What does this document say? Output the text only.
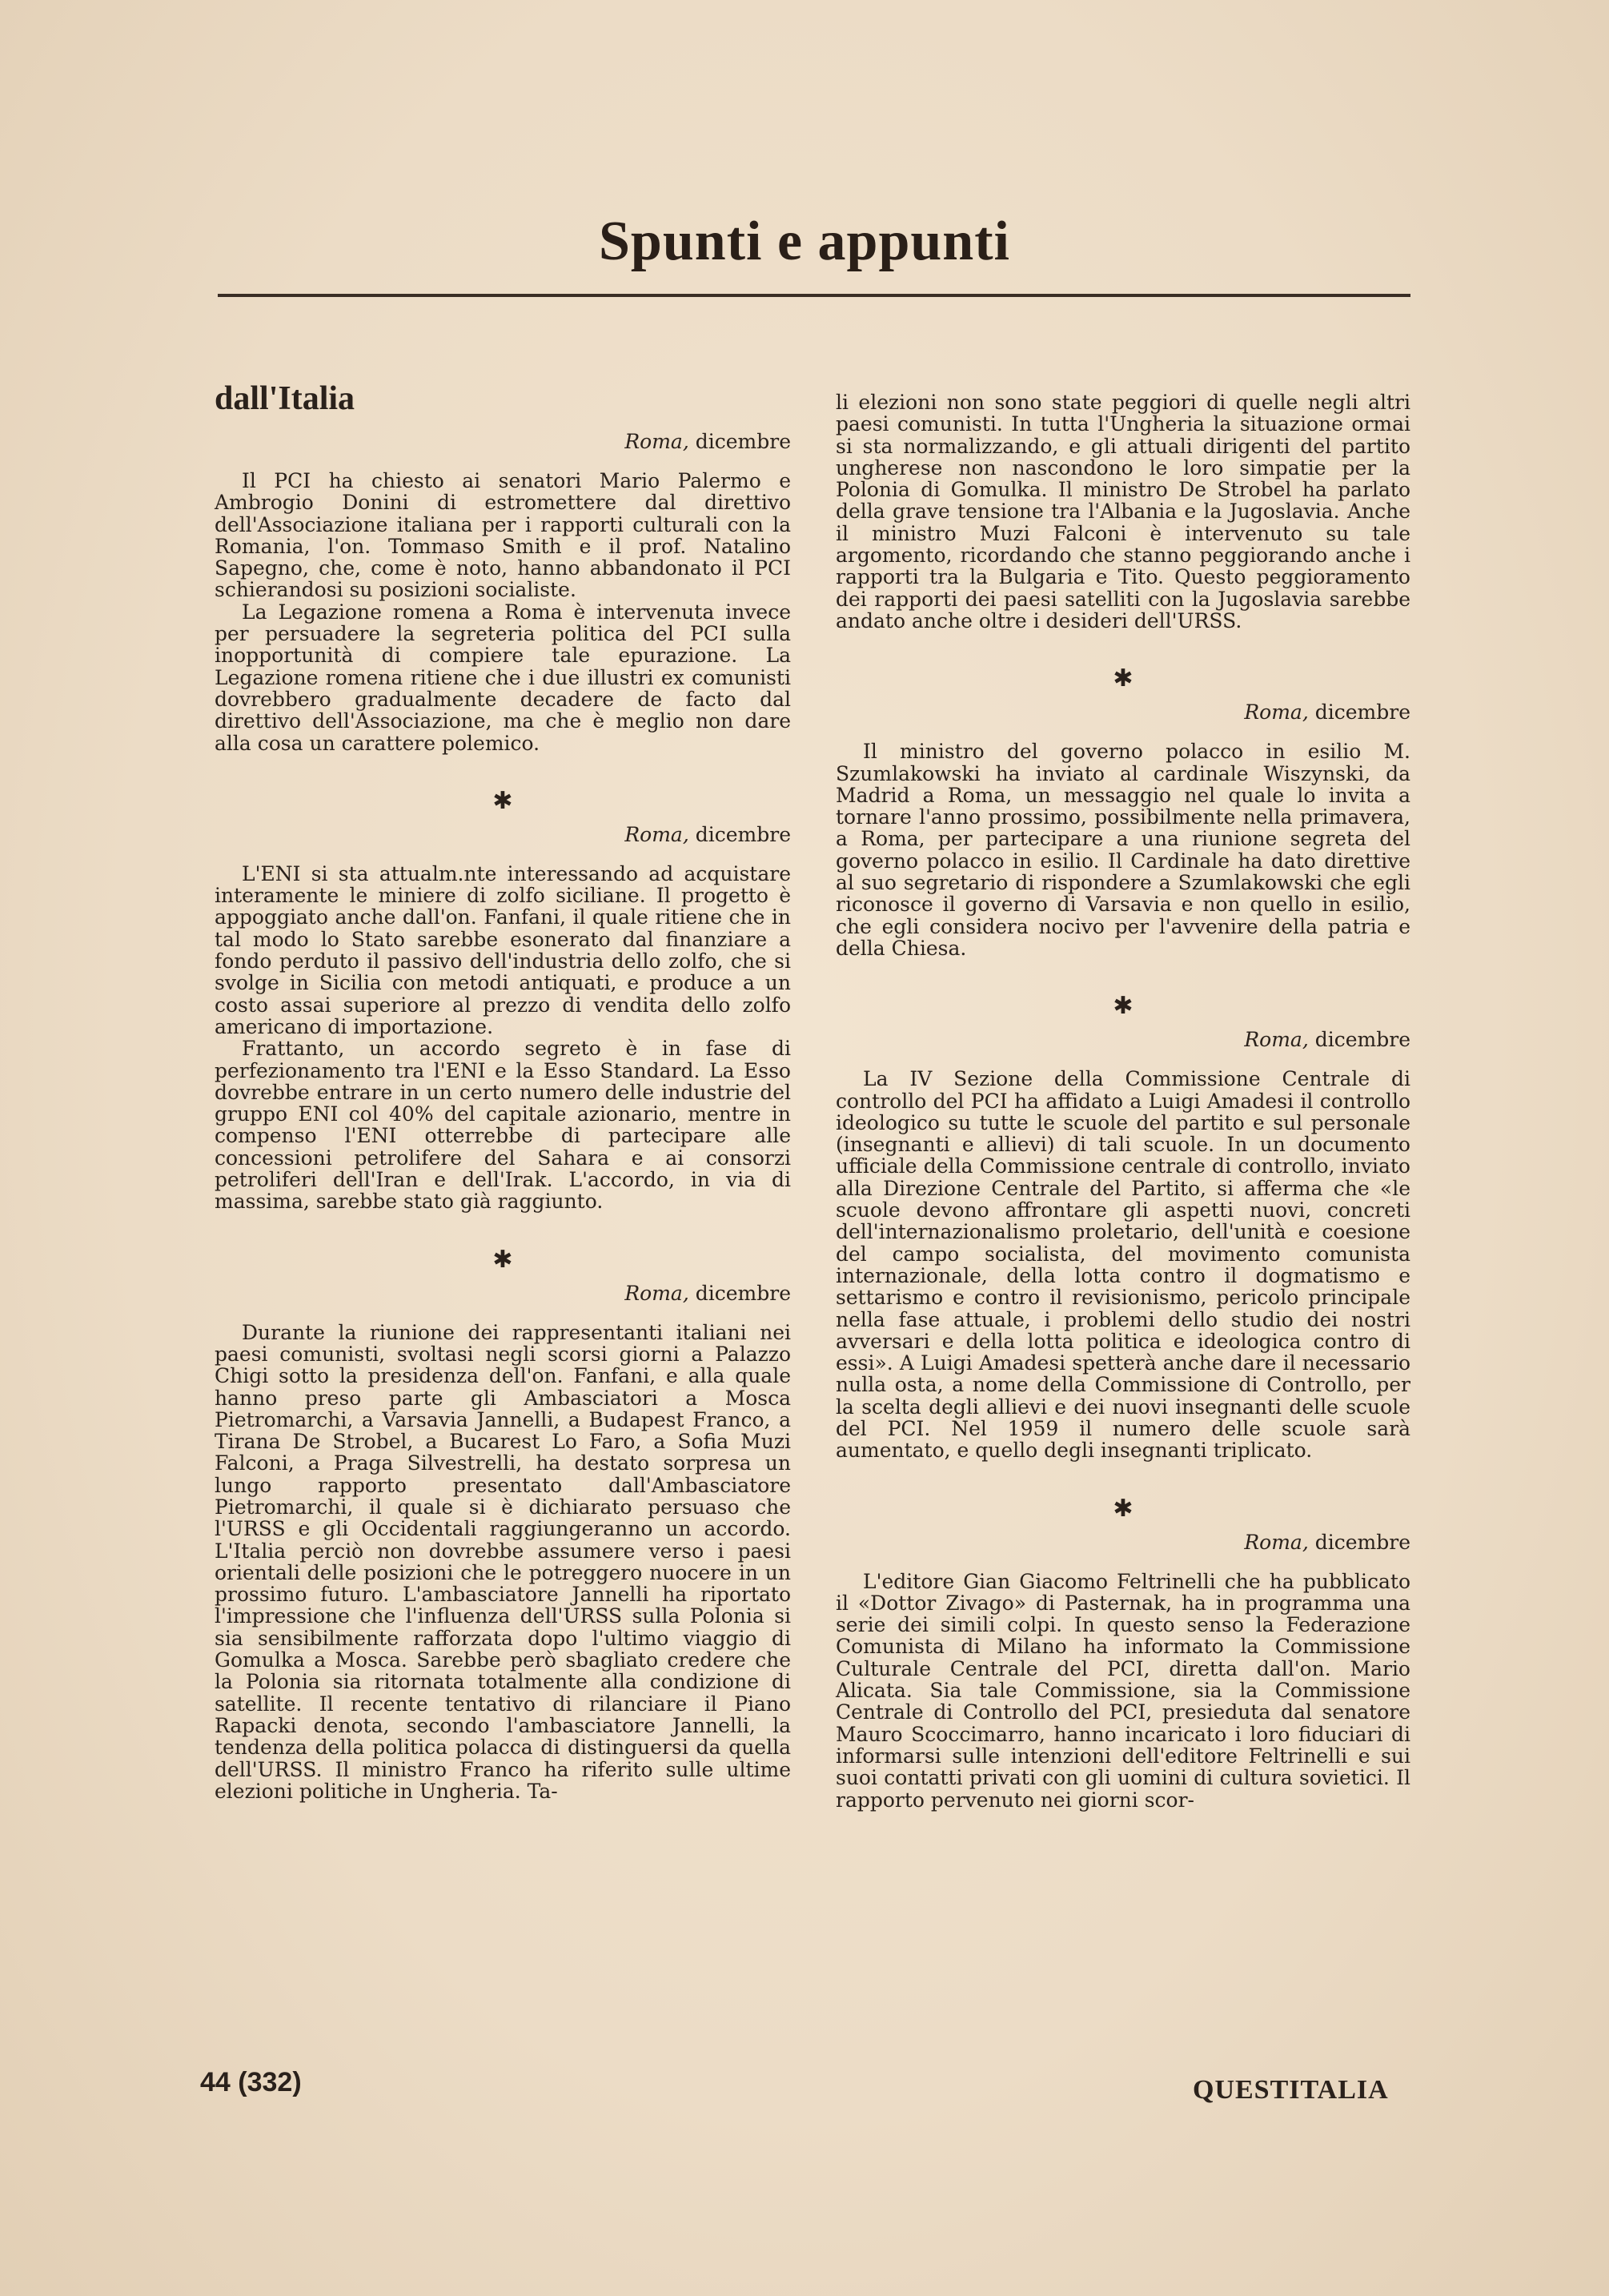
Spunti e appunti
dall'Italia
Roma, dicembre

Il PCI ha chiesto ai senatori Mario Palermo e Ambrogio Donini di estromettere dal direttivo dell'Associazione italiana per i rapporti culturali con la Romania, l'on. Tommaso Smith e il prof. Natalino Sapegno, che, come è noto, hanno abbandonato il PCI schierandosi su posizioni socialiste.

La Legazione romena a Roma è intervenuta invece per persuadere la segreteria politica del PCI sulla inopportunità di compiere tale epurazione. La Legazione romena ritiene che i due illustri ex comunisti dovrebbero gradualmente decadere de facto dal direttivo dell'Associazione, ma che è meglio non dare alla cosa un carattere polemico.

✱
Roma, dicembre

L'ENI si sta attualm.nte interessando ad acquistare interamente le miniere di zolfo siciliane. Il progetto è appoggiato anche dall'on. Fanfani, il quale ritiene che in tal modo lo Stato sarebbe esonerato dal finanziare a fondo perduto il passivo dell'industria dello zolfo, che si svolge in Sicilia con metodi antiquati, e produce a un costo assai superiore al prezzo di vendita dello zolfo americano di importazione.

Frattanto, un accordo segreto è in fase di perfezionamento tra l'ENI e la Esso Standard. La Esso dovrebbe entrare in un certo numero delle industrie del gruppo ENI col 40% del capitale azionario, mentre in compenso l'ENI otterrebbe di partecipare alle concessioni petrolifere del Sahara e ai consorzi petroliferi dell'Iran e dell'Irak. L'accordo, in via di massima, sarebbe stato già raggiunto.

✱
Roma, dicembre

Durante la riunione dei rappresentanti italiani nei paesi comunisti, svoltasi negli scorsi giorni a Palazzo Chigi sotto la presidenza dell'on. Fanfani, e alla quale hanno preso parte gli Ambasciatori a Mosca Pietromarchi, a Varsavia Jannelli, a Budapest Franco, a Tirana De Strobel, a Bucarest Lo Faro, a Sofia Muzi Falconi, a Praga Silvestrelli, ha destato sorpresa un lungo rapporto presentato dall'Ambasciatore Pietromarchi, il quale si è dichiarato persuaso che l'URSS e gli Occidentali raggiungeranno un accordo. L'Italia perciò non dovrebbe assumere verso i paesi orientali delle posizioni che le potreggero nuocere in un prossimo futuro. L'ambasciatore Jannelli ha riportato l'impressione che l'influenza dell'URSS sulla Polonia si sia sensibilmente rafforzata dopo l'ultimo viaggio di Gomulka a Mosca. Sarebbe però sbagliato credere che la Polonia sia ritornata totalmente alla condizione di satellite. Il recente tentativo di rilanciare il Piano Rapacki denota, secondo l'ambasciatore Jannelli, la tendenza della politica polacca di distinguersi da quella dell'URSS. Il ministro Franco ha riferito sulle ultime elezioni politiche in Ungheria. Ta-

li elezioni non sono state peggiori di quelle negli altri paesi comunisti. In tutta l'Ungheria la situazione ormai si sta normalizzando, e gli attuali dirigenti del partito ungherese non nascondono le loro simpatie per la Polonia di Gomulka. Il ministro De Strobel ha parlato della grave tensione tra l'Albania e la Jugoslavia. Anche il ministro Muzi Falconi è intervenuto su tale argomento, ricordando che stanno peggiorando anche i rapporti tra la Bulgaria e Tito. Questo peggioramento dei rapporti dei paesi satelliti con la Jugoslavia sarebbe andato anche oltre i desideri dell'URSS.

✱
Roma, dicembre

Il ministro del governo polacco in esilio M. Szumlakowski ha inviato al cardinale Wiszynski, da Madrid a Roma, un messaggio nel quale lo invita a tornare l'anno prossimo, possibilmente nella primavera, a Roma, per partecipare a una riunione segreta del governo polacco in esilio. Il Cardinale ha dato direttive al suo segretario di rispondere a Szumlakowski che egli riconosce il governo di Varsavia e non quello in esilio, che egli considera nocivo per l'avvenire della patria e della Chiesa.

✱
Roma, dicembre

La IV Sezione della Commissione Centrale di controllo del PCI ha affidato a Luigi Amadesi il controllo ideologico su tutte le scuole del partito e sul personale (insegnanti e allievi) di tali scuole. In un documento ufficiale della Commissione centrale di controllo, inviato alla Direzione Centrale del Partito, si afferma che «le scuole devono affrontare gli aspetti nuovi, concreti dell'internazionalismo proletario, dell'unità e coesione del campo socialista, del movimento comunista internazionale, della lotta contro il dogmatismo e settarismo e contro il revisionismo, pericolo principale nella fase attuale, i problemi dello studio dei nostri avversari e della lotta politica e ideologica contro di essi». A Luigi Amadesi spetterà anche dare il necessario nulla osta, a nome della Commissione di Controllo, per la scelta degli allievi e dei nuovi insegnanti delle scuole del PCI. Nel 1959 il numero delle scuole sarà aumentato, e quello degli insegnanti triplicato.

✱
Roma, dicembre

L'editore Gian Giacomo Feltrinelli che ha pubblicato il «Dottor Zivago» di Pasternak, ha in programma una serie dei simili colpi. In questo senso la Federazione Comunista di Milano ha informato la Commissione Culturale Centrale del PCI, diretta dall'on. Mario Alicata. Sia tale Commissione, sia la Commissione Centrale di Controllo del PCI, presieduta dal senatore Mauro Scoccimarro, hanno incaricato i loro fiduciari di informarsi sulle intenzioni dell'editore Feltrinelli e sui suoi contatti privati con gli uomini di cultura sovietici. Il rapporto pervenuto nei giorni scor-

44 (332)	QUESTITALIA
